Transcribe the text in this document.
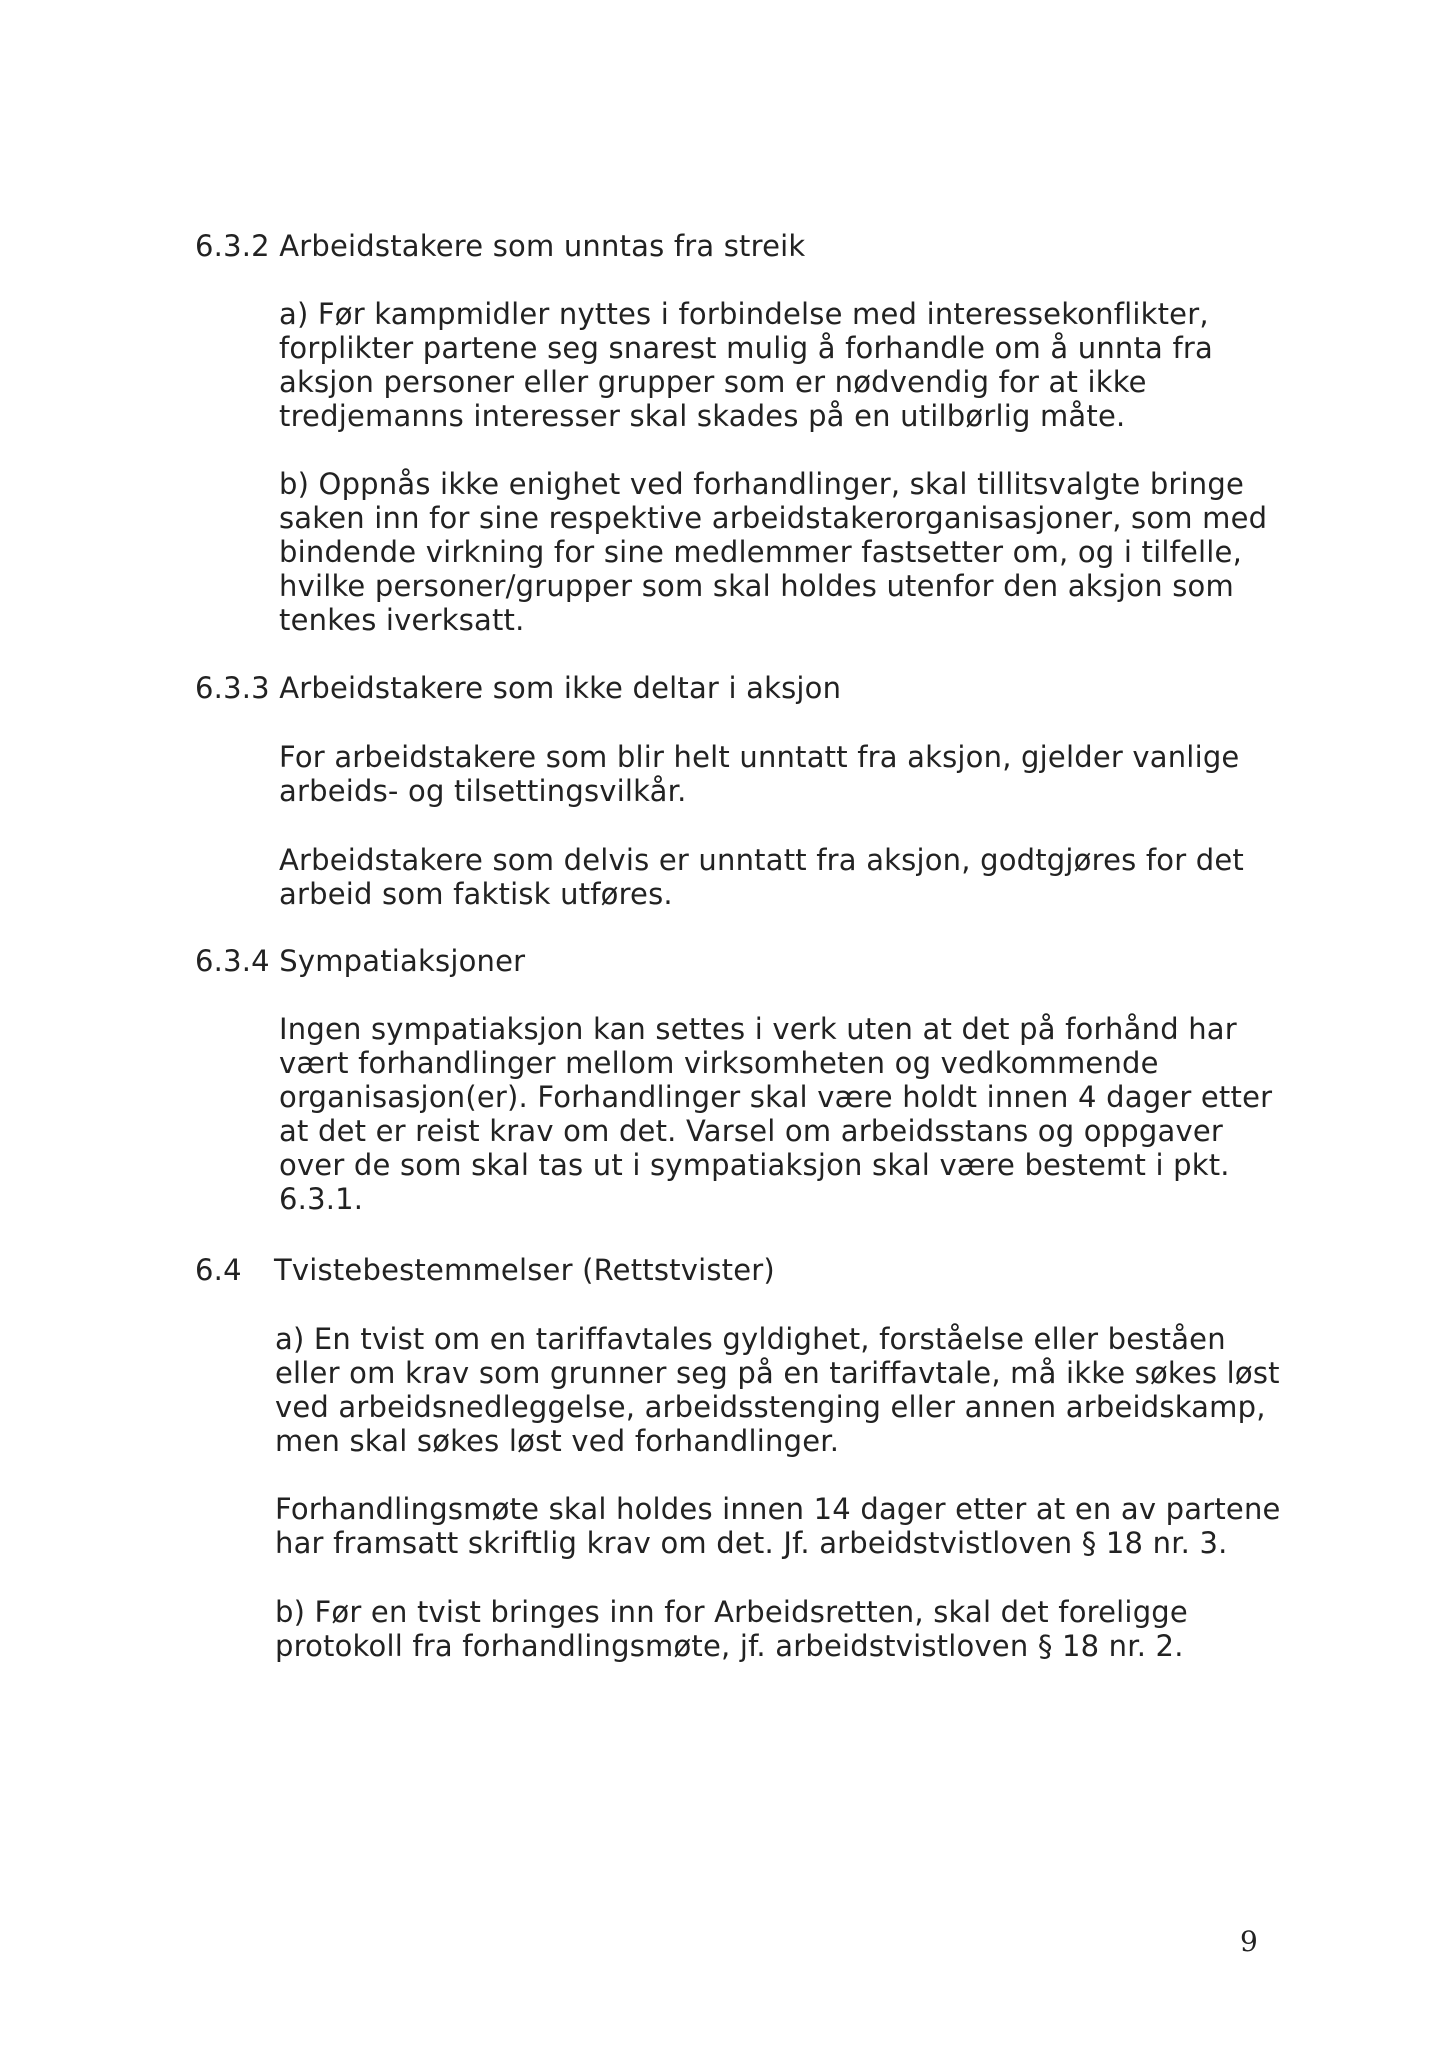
6.3.2 Arbeidstakere som unntas fra streik
a) Før kampmidler nyttes i forbindelse med interessekonflikter,
forplikter partene seg snarest mulig å forhandle om å unnta fra
aksjon personer eller grupper som er nødvendig for at ikke
tredjemanns interesser skal skades på en utilbørlig måte.
b) Oppnås ikke enighet ved forhandlinger, skal tillitsvalgte bringe
saken inn for sine respektive arbeidstakerorganisasjoner, som med
bindende virkning for sine medlemmer fastsetter om, og i tilfelle,
hvilke personer/grupper som skal holdes utenfor den aksjon som
tenkes iverksatt.
6.3.3 Arbeidstakere som ikke deltar i aksjon
For arbeidstakere som blir helt unntatt fra aksjon, gjelder vanlige
arbeids- og tilsettingsvilkår.
Arbeidstakere som delvis er unntatt fra aksjon, godtgjøres for det
arbeid som faktisk utføres.
6.3.4 Sympatiaksjoner
Ingen sympatiaksjon kan settes i verk uten at det på forhånd har
vært forhandlinger mellom virksomheten og vedkommende
organisasjon(er). Forhandlinger skal være holdt innen 4 dager etter
at det er reist krav om det. Varsel om arbeidsstans og oppgaver
over de som skal tas ut i sympatiaksjon skal være bestemt i pkt.
6.3.1.
6.4 Tvistebestemmelser (Rettstvister)
a) En tvist om en tariffavtales gyldighet, forståelse eller beståen
eller om krav som grunner seg på en tariffavtale, må ikke søkes løst
ved arbeidsnedleggelse, arbeidsstenging eller annen arbeidskamp,
men skal søkes løst ved forhandlinger.
Forhandlingsmøte skal holdes innen 14 dager etter at en av partene
har framsatt skriftlig krav om det. Jf. arbeidstvistloven § 18 nr. 3.
b) Før en tvist bringes inn for Arbeidsretten, skal det foreligge
protokoll fra forhandlingsmøte, jf. arbeidstvistloven § 18 nr. 2.
9
